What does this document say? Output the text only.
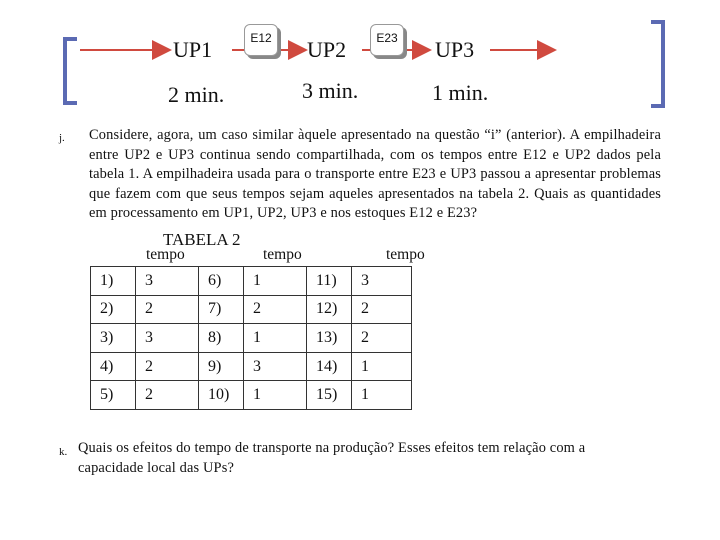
UP1	UP2	UP3
2 min.	3 min.	1 min.
E12	E23
j. Considere, agora, um caso similar àquele apresentado na questão “i” (anterior). A empilhadeira entre UP2 e UP3 continua sendo compartilhada, com os tempos entre E12 e UP2 dados pela tabela 1. A empilhadeira usada para o transporte entre E23 e UP3 passou a apresentar problemas que fazem com que seus tempos sejam aqueles apresentados na tabela 2. Quais as quantidades em processamento em UP1, UP2, UP3 e nos estoques E12 e E23?
TABELA 2
tempo	tempo	tempo
1)	3	6)	1	11)	3
2)	2	7)	2	12)	2
3)	3	8)	1	13)	2
4)	2	9)	3	14)	1
5)	2	10)	1	15)	1
k. Quais os efeitos do tempo de transporte na produção? Esses efeitos tem relação com a capacidade local das UPs?
